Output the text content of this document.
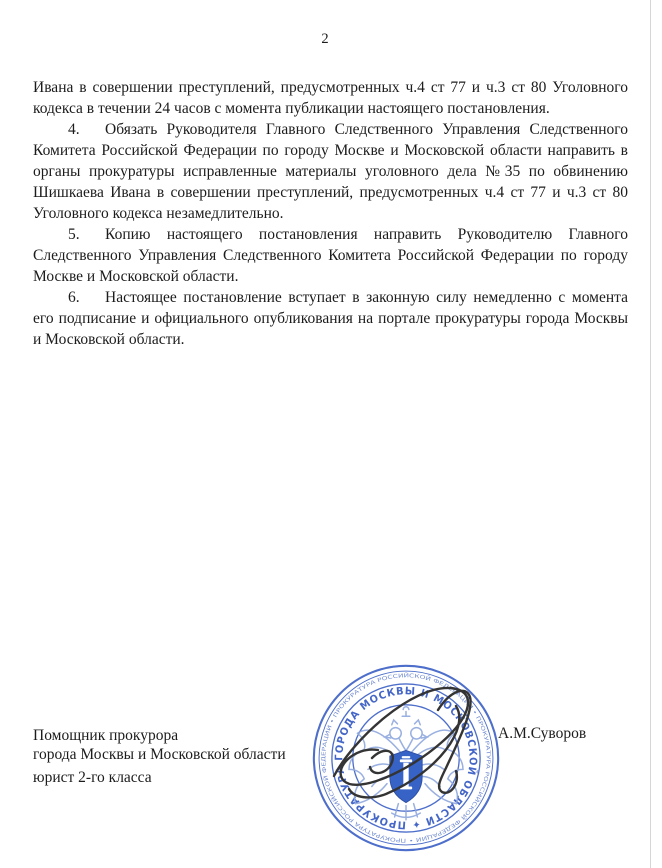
2

Ивана в совершении преступлений, предусмотренных ч.4 ст 77 и ч.3 ст 80 Уголовного кодекса в течении 24 часов с момента публикации настоящего постановления.

4. Обязать Руководителя Главного Следственного Управления Следственного Комитета Российской Федерации по городу Москве и Московской области направить в органы прокуратуры исправленные материалы уголовного дела №35 по обвинению Шишкаева Ивана в совершении преступлений, предусмотренных ч.4 ст 77 и ч.3 ст 80 Уголовного кодекса незамедлительно.

5. Копию настоящего постановления направить Руководителю Главного Следственного Управления Следственного Комитета Российской Федерации по городу Москве и Московской области.

6. Настоящее постановление вступает в законную силу немедленно с момента его подписание и официального опубликования на портале прокуратуры города Москвы и Московской области.

Помощник прокурора
города Москвы и Московской области
юрист 2-го класса
А.М.Суворов
ПРОКУРАТУРА РОССИЙСКОЙ ФЕДЕРАЦИИ • ПРОКУРАТУРА РОССИЙСКОЙ ФЕДЕРАЦИИ • ПРОКУРАТУРА РОССИЙСКОЙ ФЕДЕРАЦИИ •
ПРОКУРАТУРА ГОРОДА МОСКВЫ И МОСКОВСКОЙ ОБЛАСТИ ✦
